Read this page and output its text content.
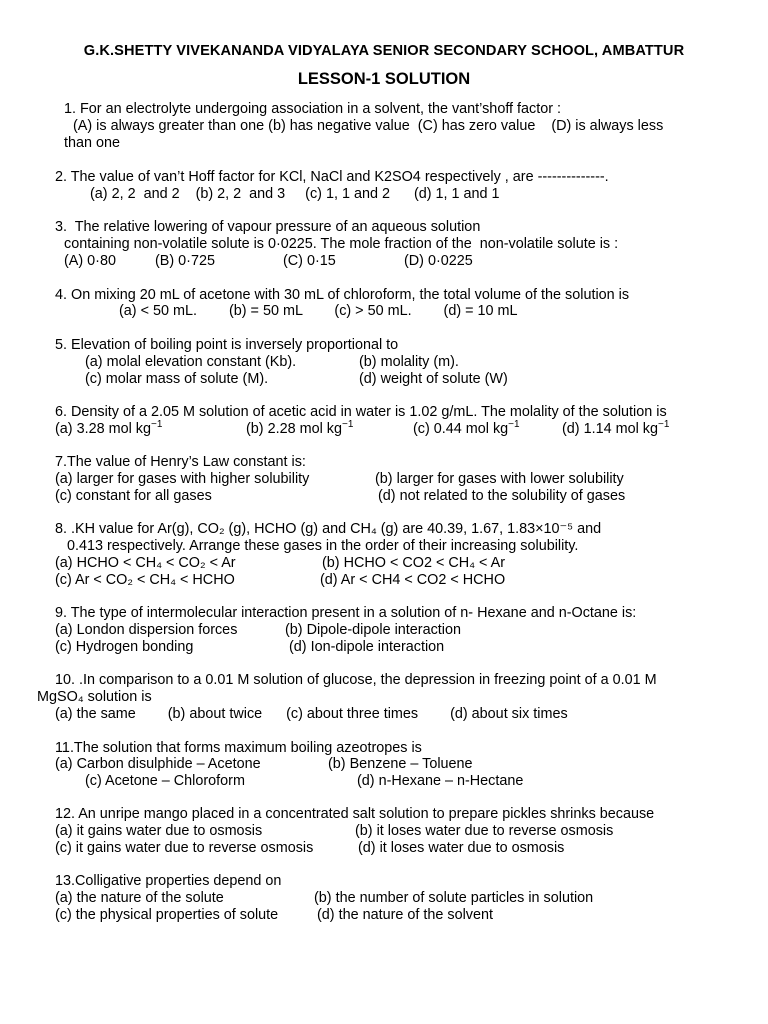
G.K.SHETTY VIVEKANANDA VIDYALAYA SENIOR SECONDARY SCHOOL, AMBATTUR
LESSON-1 SOLUTION
1. For an electrolyte undergoing association in a solvent, the vant’shoff factor :
(A) is always greater than one (b) has negative value  (C) has zero value    (D) is always less
than one
2. The value of van’t Hoff factor for KCl, NaCl and K2SO4 respectively , are --------------.
(a) 2, 2  and 2    (b) 2, 2  and 3     (c) 1, 1 and 2      (d) 1, 1 and 1
3.  The relative lowering of vapour pressure of an aqueous solution
containing non-volatile solute is 0·0225. The mole fraction of the  non-volatile solute is :
(A) 0·80	(B) 0·725	(C) 0·15	(D) 0·0225
4. On mixing 20 mL of acetone with 30 mL of chloroform, the total volume of the solution is
(a) < 50 mL.        (b) = 50 mL        (c) > 50 mL.        (d) = 10 mL
5. Elevation of boiling point is inversely proportional to
(a) molal elevation constant (Kb).	(b) molality (m).
(c) molar mass of solute (M).	(d) weight of solute (W)
6. Density of a 2.05 M solution of acetic acid in water is 1.02 g/mL. The molality of the solution is
(a) 3.28 mol $kg^{-1}$	(b) 2.28 mol $kg^{-1}$	(c) 0.44 mol $kg^{-1}$	(d) 1.14 mol $kg^{-1}$
7.The value of Henry’s Law constant is:
(a) larger for gases with higher solubility	(b) larger for gases with lower solubility
(c) constant for all gases	(d) not related to the solubility of gases
8. .KH value for Ar(g), CO₂ (g), HCHO (g) and CH₄ (g) are 40.39, 1.67, 1.83×10⁻⁵ and
0.413 respectively. Arrange these gases in the order of their increasing solubility.
(a) HCHO < CH₄ < CO₂ < Ar	(b) HCHO < CO2 < CH₄ < Ar
(c) Ar < CO₂ < CH₄ < HCHO	(d) Ar < CH4 < CO2 < HCHO
9. The type of intermolecular interaction present in a solution of n- Hexane and n-Octane is:
(a) London dispersion forces	(b) Dipole-dipole interaction
(c) Hydrogen bonding	(d) Ion-dipole interaction
10. .In comparison to a 0.01 M solution of glucose, the depression in freezing point of a 0.01 M
MgSO₄ solution is
(a) the same        (b) about twice      (c) about three times        (d) about six times
11.The solution that forms maximum boiling azeotropes is
(a) Carbon disulphide – Acetone	(b) Benzene – Toluene
(c) Acetone – Chloroform	(d) n-Hexane – n-Hectane
12. An unripe mango placed in a concentrated salt solution to prepare pickles shrinks because
(a) it gains water due to osmosis	(b) it loses water due to reverse osmosis
(c) it gains water due to reverse osmosis	(d) it loses water due to osmosis
13.Colligative properties depend on
(a) the nature of the solute	(b) the number of solute particles in solution
(c) the physical properties of solute	(d) the nature of the solvent
